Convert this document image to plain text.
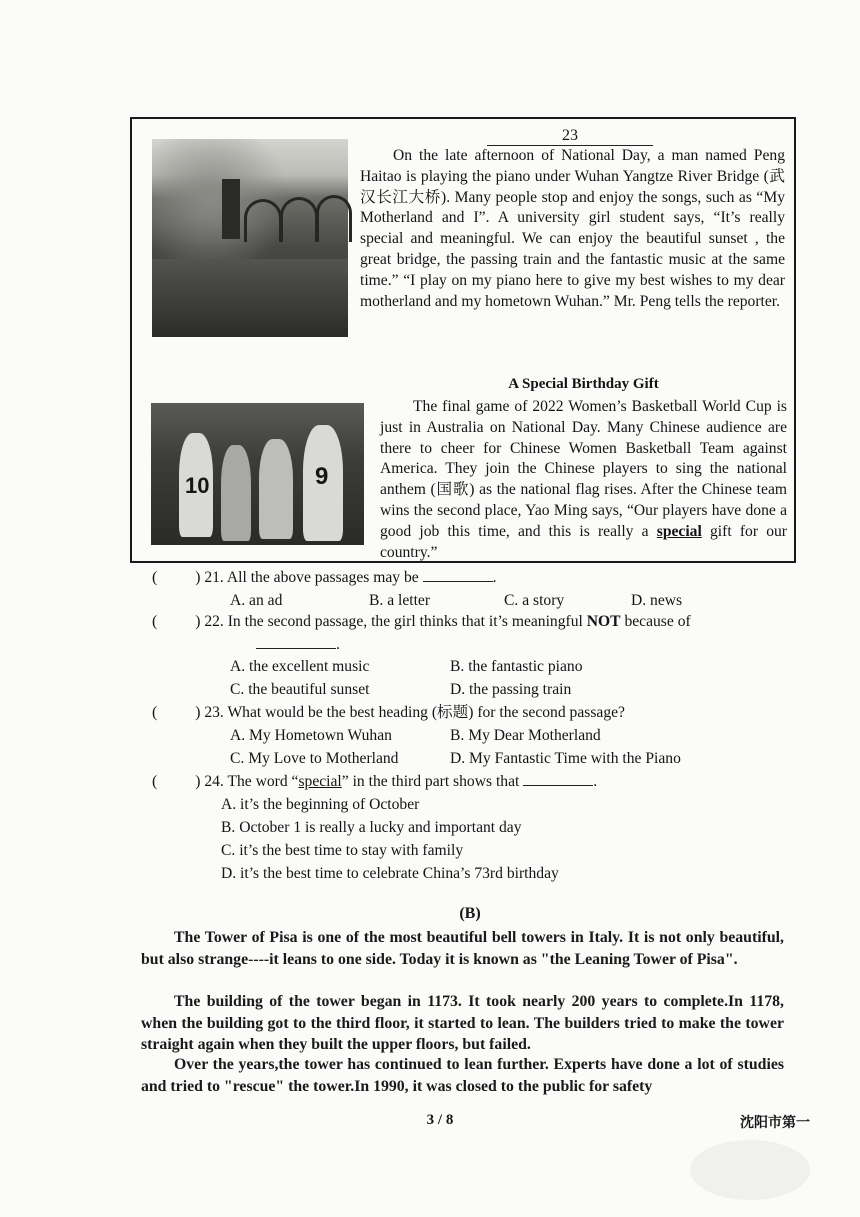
23
On the late afternoon of National Day, a man named Peng Haitao is playing the piano under Wuhan Yangtze River Bridge (武汉长江大桥). Many people stop and enjoy the songs, such as “My Motherland and I”. A university girl student says, “It’s really special and meaningful. We can enjoy the beautiful sunset , the great bridge, the passing train and the fantastic music at the same time.” “I play on my piano here to give my best wishes to my dear motherland and my hometown Wuhan.” Mr. Peng tells the reporter.
10	9
A Special Birthday Gift
The final game of 2022 Women’s Basketball World Cup is just in Australia on National Day. Many Chinese audience are there to cheer for Chinese Women Basketball Team against America. They join the Chinese players to sing the national anthem (国歌) as the national flag rises. After the Chinese team wins the second place, Yao Ming says, “Our players have done a good job this time, and this is really a special gift for our country.”
( ) 21. All the above passages may be	.
A. an ad	B. a letter	C. a story	D. news
( ) 22. In the second passage, the girl thinks that it’s meaningful NOT because of
.
A. the excellent music	B. the fantastic piano
C. the beautiful sunset	D. the passing train
( ) 23. What would be the best heading (标题) for the second passage?
A. My Hometown Wuhan	B. My Dear Motherland
C. My Love to Motherland	D. My Fantastic Time with the Piano
( ) 24. The word “special” in the third part shows that	.
A. it’s the beginning of October
B. October 1 is really a lucky and important day
C. it’s the best time to stay with family
D. it’s the best time to celebrate China’s 73rd birthday
(B)
The Tower of Pisa is one of the most beautiful bell towers in Italy. It is not only beautiful, but also strange----it leans to one side. Today it is known as "the Leaning Tower of Pisa".
The building of the tower began in 1173. It took nearly 200 years to complete.In 1178, when the building got to the third floor, it started to lean. The builders tried to make the tower straight again when they built the upper floors, but failed.
Over the years,the tower has continued to lean further. Experts have done a lot of studies and tried to "rescue" the tower.In 1990, it was closed to the public for safety
3 / 8	沈阳市第一
